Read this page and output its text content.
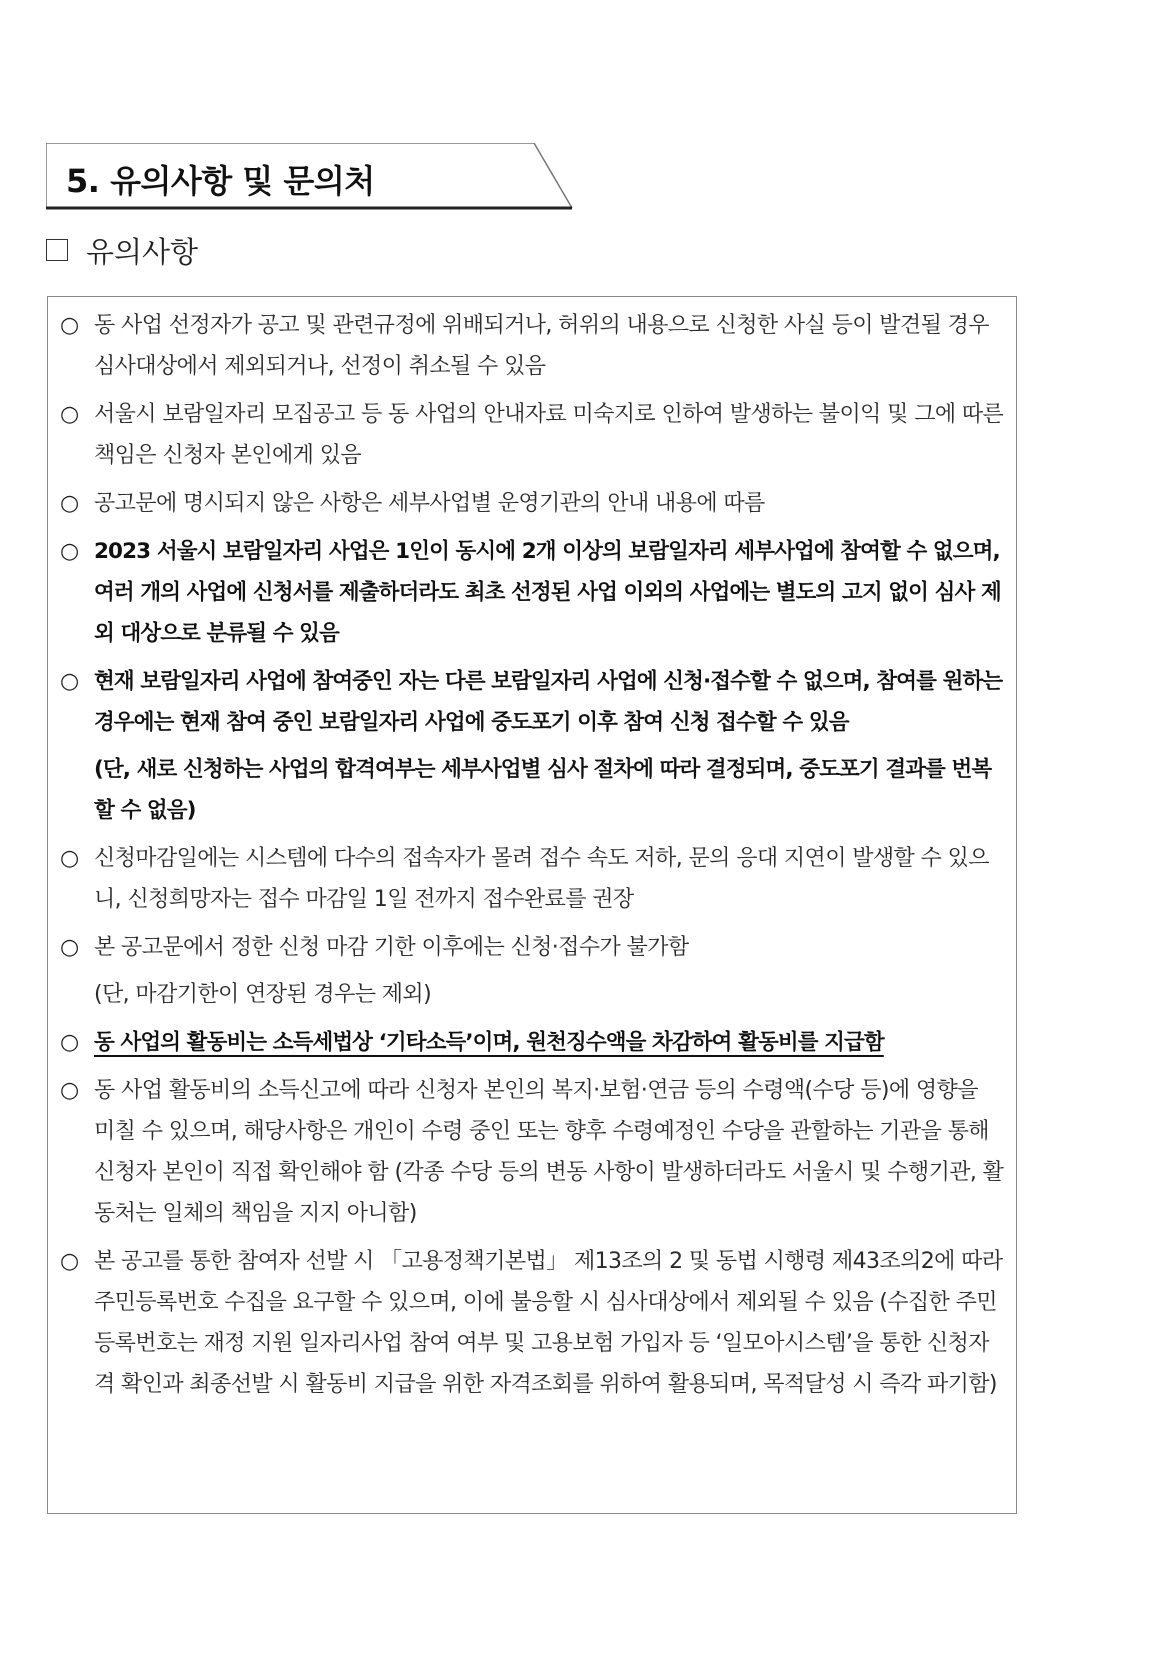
5. 유의사항 및 문의처
유의사항
○ 동 사업 선정자가 공고 및 관련규정에 위배되거나, 허위의 내용으로 신청한 사실 등이 발견될 경우 심사대상에서 제외되거나, 선정이 취소될 수 있음
○ 서울시 보람일자리 모집공고 등 동 사업의 안내자료 미숙지로 인하여 발생하는 불이익 및 그에 따른 책임은 신청자 본인에게 있음
○ 공고문에 명시되지 않은 사항은 세부사업별 운영기관의 안내 내용에 따름
○ 2023 서울시 보람일자리 사업은 1인이 동시에 2개 이상의 보람일자리 세부사업에 참여할 수 없으며, 여러 개의 사업에 신청서를 제출하더라도 최초 선정된 사업 이외의 사업에는 별도의 고지 없이 심사 제외 대상으로 분류될 수 있음
○ 현재 보람일자리 사업에 참여중인 자는 다른 보람일자리 사업에 신청·접수할 수 없으며, 참여를 원하는 경우에는 현재 참여 중인 보람일자리 사업에 중도포기 이후 참여 신청 접수할 수 있음
(단, 새로 신청하는 사업의 합격여부는 세부사업별 심사 절차에 따라 결정되며, 중도포기 결과를 번복할 수 없음)
○ 신청마감일에는 시스템에 다수의 접속자가 몰려 접수 속도 저하, 문의 응대 지연이 발생할 수 있으니, 신청희망자는 접수 마감일 1일 전까지 접수완료를 권장
○ 본 공고문에서 정한 신청 마감 기한 이후에는 신청·접수가 불가함
(단, 마감기한이 연장된 경우는 제외)
○ 동 사업의 활동비는 소득세법상 ‘기타소득’이며, 원천징수액을 차감하여 활동비를 지급함
○ 동 사업 활동비의 소득신고에 따라 신청자 본인의 복지·보험·연금 등의 수령액(수당 등)에 영향을 미칠 수 있으며, 해당사항은 개인이 수령 중인 또는 향후 수령예정인 수당을 관할하는 기관을 통해 신청자 본인이 직접 확인해야 함 (각종 수당 등의 변동 사항이 발생하더라도 서울시 및 수행기관, 활동처는 일체의 책임을 지지 아니함)
○ 본 공고를 통한 참여자 선발 시 「고용정책기본법」 제13조의 2 및 동법 시행령 제43조의2에 따라 주민등록번호 수집을 요구할 수 있으며, 이에 불응할 시 심사대상에서 제외될 수 있음 (수집한 주민등록번호는 재정 지원 일자리사업 참여 여부 및 고용보험 가입자 등 ‘일모아시스템’을 통한 신청자격 확인과 최종선발 시 활동비 지급을 위한 자격조회를 위하여 활용되며, 목적달성 시 즉각 파기함)
